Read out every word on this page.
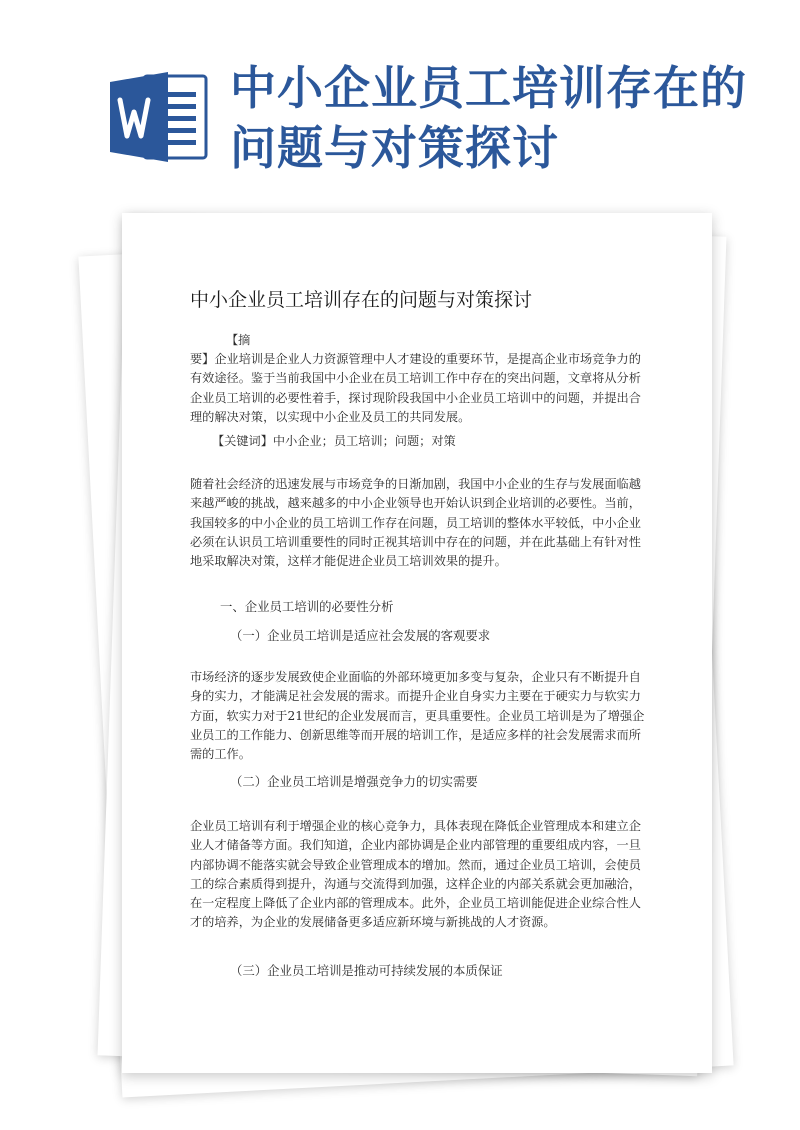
中小企业员工培训存在的问题与对策探讨
中小企业员工培训存在的问题与对策探讨

【摘

要】企业培训是企业人力资源管理中人才建设的重要环节，是提高企业市场竞争力的有效途径。鉴于当前我国中小企业在员工培训工作中存在的突出问题，文章将从分析企业员工培训的必要性着手，探讨现阶段我国中小企业员工培训中的问题，并提出合理的解决对策，以实现中小企业及员工的共同发展。

【关键词】中小企业；员工培训；问题；对策

随着社会经济的迅速发展与市场竞争的日渐加剧，我国中小企业的生存与发展面临越来越严峻的挑战，越来越多的中小企业领导也开始认识到企业培训的必要性。当前，我国较多的中小企业的员工培训工作存在问题，员工培训的整体水平较低，中小企业必须在认识员工培训重要性的同时正视其培训中存在的问题，并在此基础上有针对性地采取解决对策，这样才能促进企业员工培训效果的提升。

一、企业员工培训的必要性分析

（一）企业员工培训是适应社会发展的客观要求

市场经济的逐步发展致使企业面临的外部环境更加多变与复杂，企业只有不断提升自身的实力，才能满足社会发展的需求。而提升企业自身实力主要在于硬实力与软实力方面，软实力对于21世纪的企业发展而言，更具重要性。企业员工培训是为了增强企业员工的工作能力、创新思维等而开展的培训工作，是适应多样的社会发展需求而所需的工作。

（二）企业员工培训是增强竞争力的切实需要

企业员工培训有利于增强企业的核心竞争力，具体表现在降低企业管理成本和建立企业人才储备等方面。我们知道，企业内部协调是企业内部管理的重要组成内容，一旦内部协调不能落实就会导致企业管理成本的增加。然而，通过企业员工培训，会使员工的综合素质得到提升，沟通与交流得到加强，这样企业的内部关系就会更加融洽，在一定程度上降低了企业内部的管理成本。此外，企业员工培训能促进企业综合性人才的培养，为企业的发展储备更多适应新环境与新挑战的人才资源。

（三）企业员工培训是推动可持续发展的本质保证
